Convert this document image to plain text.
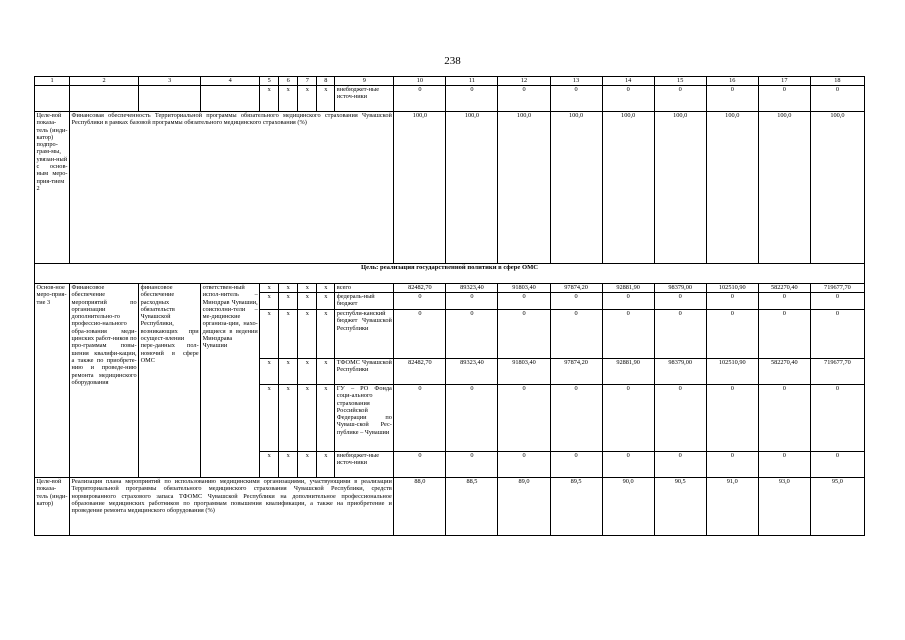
238
1	2	3	4	5	6	7	8	9	10	11	12	13	14	15	16	17	18
				x	x	x	x	внебюджет-ные источ-ники	0	0	0	0	0	0	0	0	0
Целе-вой показа-тель (инди-катор) подпро-грам-мы, увязан-ный с основ-ным меро-прия-тием 2	Финансовая обеспеченность Территориальной программы обязательного медицинского страхования Чувашской Республики в рамках базовой программы обязательного медицинского страхования (%)								100,0	100,0	100,0	100,0	100,0	100,0	100,0	100,0	100,0
Цель: реализация государственной политики в сфере ОМС																	
Основ-ное меро-прия-тие 3	Финансовое обеспечение мероприятий по организации дополнительно-го профессио-нального обра-зования меди-цинских работ-ников по про-граммам повы-шения квалифи-кации, а также по приобрете-нию и проведе-нию ремонта медицинского оборудования	финансовое обеспечение расходных обязательств Чувашской Республики, возникающих при осущест-влении пере-данных пол-номочий в сфере ОМС	ответствен-ный испол-нитель – Минздрав Чувашии, соисполни-тели – ме-дицинские организа-ции, нахо-дящиеся в ведении Минздрава Чувашии	x	x	x	x	всего	82482,70	89323,40	91803,40	97874,20	92881,90	98379,00	102510,90	582270,40	719677,70
				x	x	x	x	федераль-ный бюджет	0	0	0	0	0	0	0	0	0
				x	x	x	x	республи-канский бюджет Чувашской Республики	0	0	0	0	0	0	0	0	0
				x	x	x	x	ТФОМС Чувашской Республики	82482,70	89323,40	91803,40	97874,20	92881,90	98379,00	102510,90	582270,40	719677,70
				x	x	x	x	ГУ – РО Фонда соци-ального страхования Российской Федерации по Чуваш-ской Рес-публике – Чувашии	0	0	0	0	0	0	0	0	0
				x	x	x	x	внебюджет-ные источ-ники	0	0	0	0	0	0	0	0	0
Целе-вой показа-тель (инди-катор)	Реализация плана мероприятий по использованию медицинскими организациями, участвующими в реализации Территориальной программы обязательного медицинского страхования Чувашской Республики, средств нормированного страхового запаса ТФОМС Чувашской Республики на дополнительное профессиональное образование медицинских работников по программам повышения квалификации, а также на приобретение и проведение ремонта медицинского оборудования (%)								88,0	88,5	89,0	89,5	90,0	90,5	91,0	93,0	95,0
